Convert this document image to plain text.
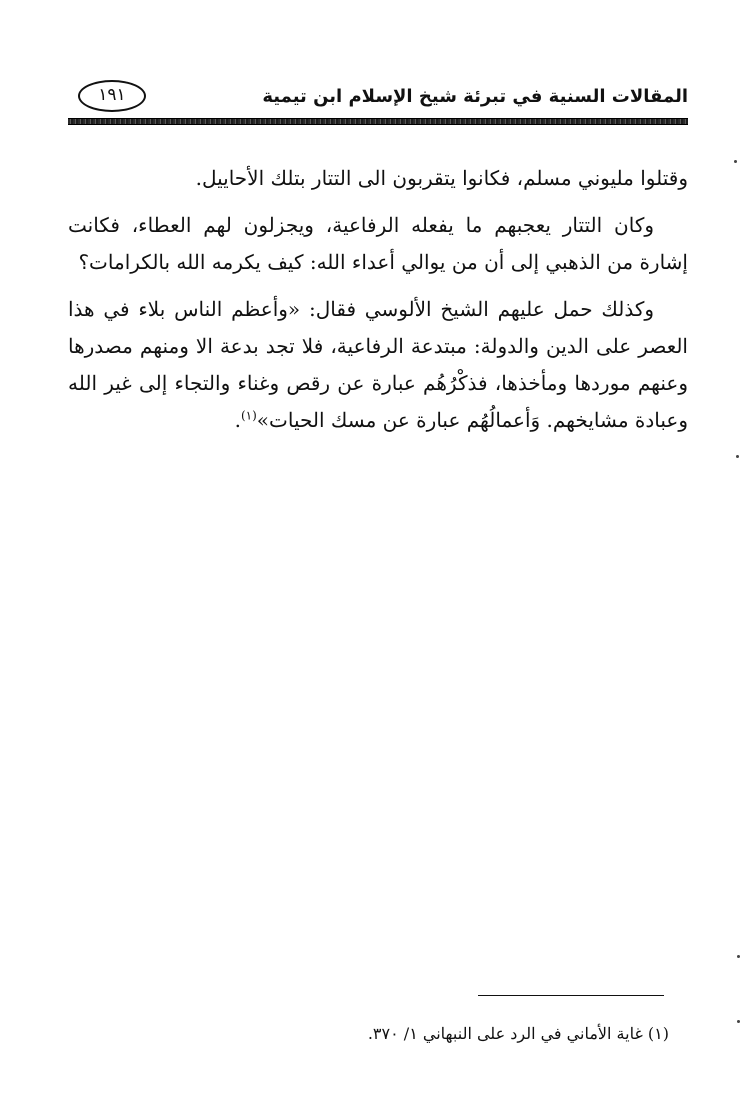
المقالات السنية في تبرئة شيخ الإسلام ابن تيمية
١٩١

وقتلوا مليوني مسلم، فكانوا يتقربون الى التتار بتلك الأحاييل.

وكان التتار يعجبهم ما يفعله الرفاعية، ويجزلون لهم العطاء، فكانت إشارة من الذهبي إلى أن من يوالي أعداء الله: كيف يكرمه الله بالكرامات؟

وكذلك حمل عليهم الشيخ الألوسي فقال: «وأعظم الناس بلاء في هذا العصر على الدين والدولة: مبتدعة الرفاعية، فلا تجد بدعة الا ومنهم مصدرها وعنهم موردها ومأخذها، فذكْرُهُم عبارة عن رقص وغناء والتجاء إلى غير الله وعبادة مشايخهم. وَأعمالُهُم عبارة عن مسك الحيات»$^{(١)}$.

(١) غاية الأماني في الرد على النبهاني ١/ ٣٧٠.
